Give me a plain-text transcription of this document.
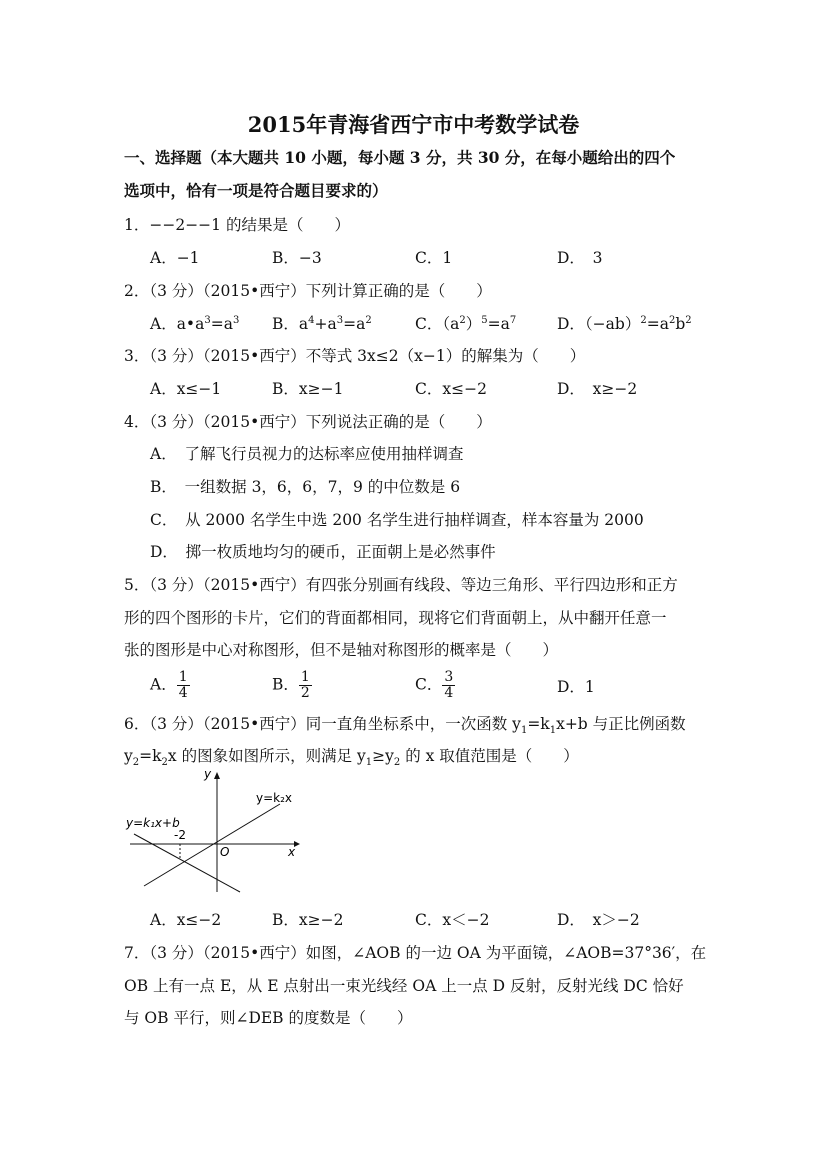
2015年青海省西宁市中考数学试卷
一、选择题（本大题共 10 小题，每小题 3 分，共 30 分，在每小题给出的四个
选项中，恰有一项是符合题目要求的）
1．−−2−−1 的结果是（　　）
A．−1	B．−3	C．1	D．　3
2．（3 分）（2015•西宁）下列计算正确的是（　　）
A．$a•a^3=a^3$ B．$a^4+a^3=a^2$	C．$(a^2)^5=a^7$	D．$(-ab)^2=a^2b^2$
3．（3 分）（2015•西宁）不等式 3x≤2（x−1）的解集为（　　）
A．x≤−1	B．x≥−1	C．x≤−2	D．　x≥−2
4．（3 分）（2015•西宁）下列说法正确的是（　　）
A．　了解飞行员视力的达标率应使用抽样调查
B．　一组数据 3，6，6，7，9 的中位数是 6
C．　从 2000 名学生中选 200 名学生进行抽样调查，样本容量为 2000
D．　掷一枚质地均匀的硬币，正面朝上是必然事件
5．（3 分）（2015•西宁）有四张分别画有线段、等边三角形、平行四边形和正方
形的四个图形的卡片，它们的背面都相同，现将它们背面朝上，从中翻开任意一
张的图形是中心对称图形，但不是轴对称图形的概率是（　　）
A． $\frac{1}{4}$	B． $\frac{1}{2}$	C． $\frac{3}{4}$	D．1
6．（3 分）（2015•西宁）同一直角坐标系中，一次函数 $y_1=k_1x+b$ 与正比例函数
$y_2=k_2x$ 的图象如图所示，则满足 $y_1\ge y_2$ 的 x 取值范围是（　　）
y
x
O
y=k₂x
y=k₁x+b
-2
A．x≤−2	B．x≥−2	C．x＜−2	D．　x＞−2
7．（3 分）（2015•西宁）如图，∠AOB 的一边 OA 为平面镜，∠AOB=37°36′，在
OB 上有一点 E，从 E 点射出一束光线经 OA 上一点 D 反射，反射光线 DC 恰好
与 OB 平行，则∠DEB 的度数是（　　）
